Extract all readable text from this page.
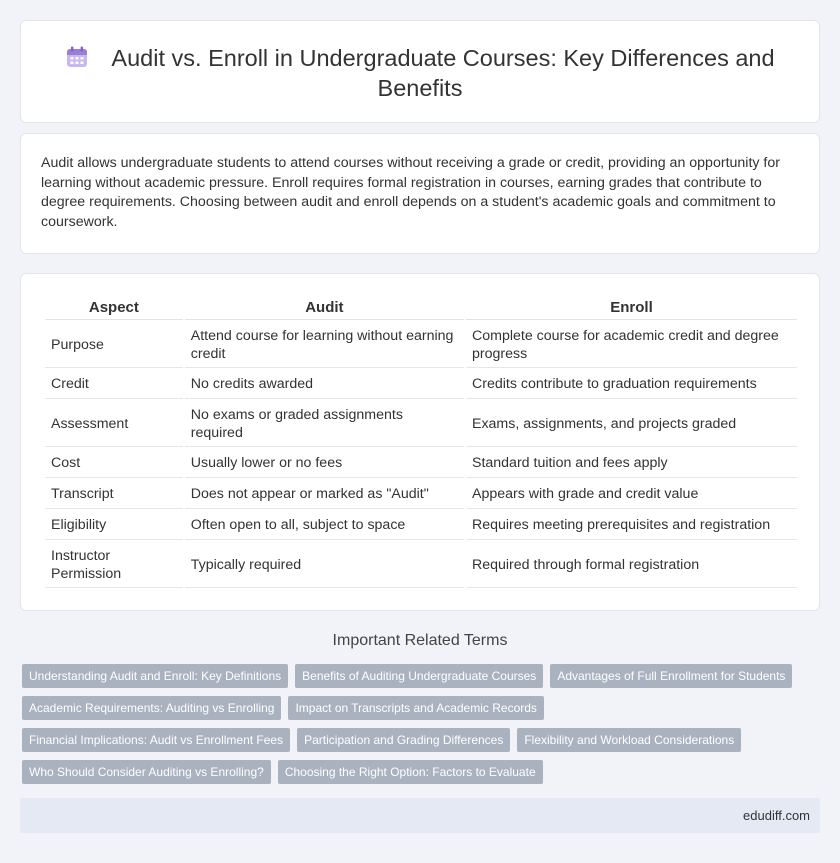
Audit vs. Enroll in Undergraduate Courses: Key Differences and Benefits

Audit allows undergraduate students to attend courses without receiving a grade or credit, providing an opportunity for learning without academic pressure. Enroll requires formal registration in courses, earning grades that contribute to degree requirements. Choosing between audit and enroll depends on a student's academic goals and commitment to coursework.

Aspect	Audit	Enroll
Purpose	Attend course for learning without earning credit	Complete course for academic credit and degree progress
Credit	No credits awarded	Credits contribute to graduation requirements
Assessment	No exams or graded assignments required	Exams, assignments, and projects graded
Cost	Usually lower or no fees	Standard tuition and fees apply
Transcript	Does not appear or marked as "Audit"	Appears with grade and credit value
Eligibility	Often open to all, subject to space	Requires meeting prerequisites and registration
Instructor Permission	Typically required	Required through formal registration
Important Related Terms
Understanding Audit and Enroll: Key Definitions	Benefits of Auditing Undergraduate Courses	Advantages of Full Enrollment for Students
Academic Requirements: Auditing vs Enrolling	Impact on Transcripts and Academic Records
Financial Implications: Audit vs Enrollment Fees	Participation and Grading Differences	Flexibility and Workload Considerations
Who Should Consider Auditing vs Enrolling?	Choosing the Right Option: Factors to Evaluate
edudiff.com
